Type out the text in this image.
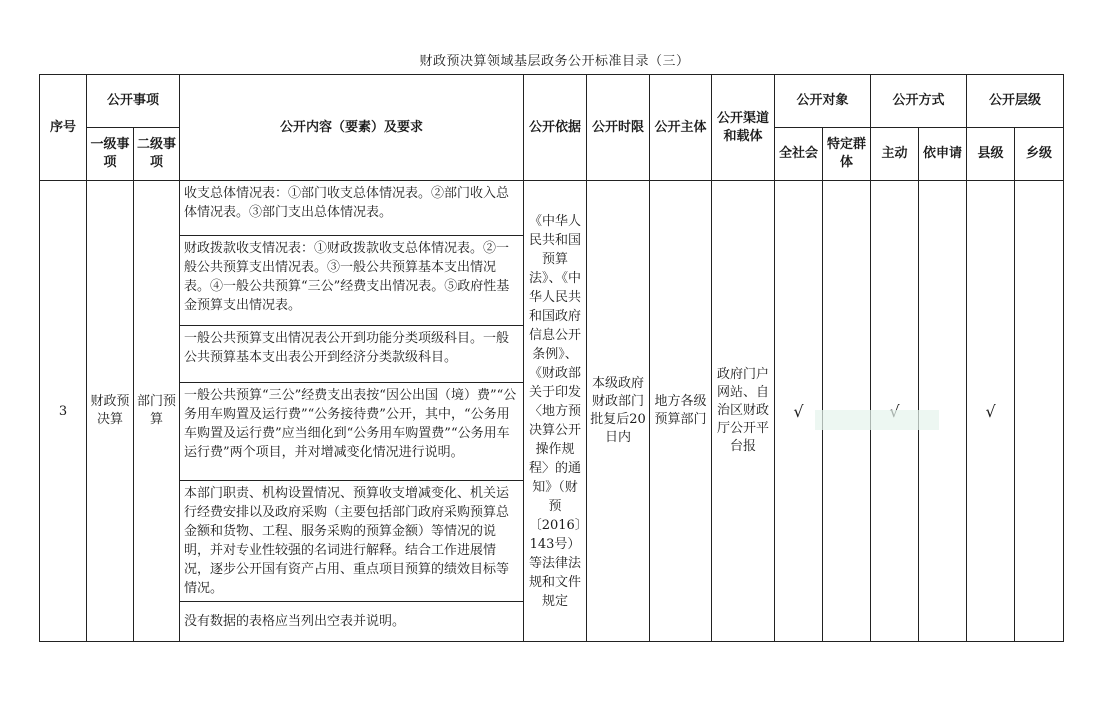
财政预决算领域基层政务公开标准目录（三）
序号	公开事项		公开内容（要素）及要求	公开依据	公开时限	公开主体	公开渠道和载体	公开对象		公开方式		公开层级	
	一级事项	二级事项						全社会	特定群体	主动	依申请	县级	乡级
3	财政预决算	部门预算	收支总体情况表：①部门收支总体情况表。②部门收入总体情况表。③部门支出总体情况表。	《中华人民共和国预算法》、《中华人民共和国政府信息公开条例》、《财政部关于印发〈地方预决算公开操作规程〉的通知》（财预〔2016〕143号）等法律法规和文件规定	本级政府财政部门批复后20日内	地方各级预算部门	政府门户网站、自治区财政厅公开平台报	√				√	
			财政拨款收支情况表：①财政拨款收支总体情况表。②一般公共预算支出情况表。③一般公共预算基本支出情况表。④一般公共预算“三公”经费支出情况表。⑤政府性基金预算支出情况表。										
			一般公共预算支出情况表公开到功能分类项级科目。一般公共预算基本支出表公开到经济分类款级科目。										
			一般公共预算“三公”经费支出表按“因公出国（境）费”“公务用车购置及运行费”“公务接待费”公开，其中，“公务用车购置及运行费”应当细化到“公务用车购置费”“公务用车运行费”两个项目，并对增减变化情况进行说明。										
			本部门职责、机构设置情况、预算收支增减变化、机关运行经费安排以及政府采购（主要包括部门政府采购预算总金额和货物、工程、服务采购的预算金额）等情况的说明，并对专业性较强的名词进行解释。结合工作进展情况，逐步公开国有资产占用、重点项目预算的绩效目标等情况。										
			没有数据的表格应当列出空表并说明。										
